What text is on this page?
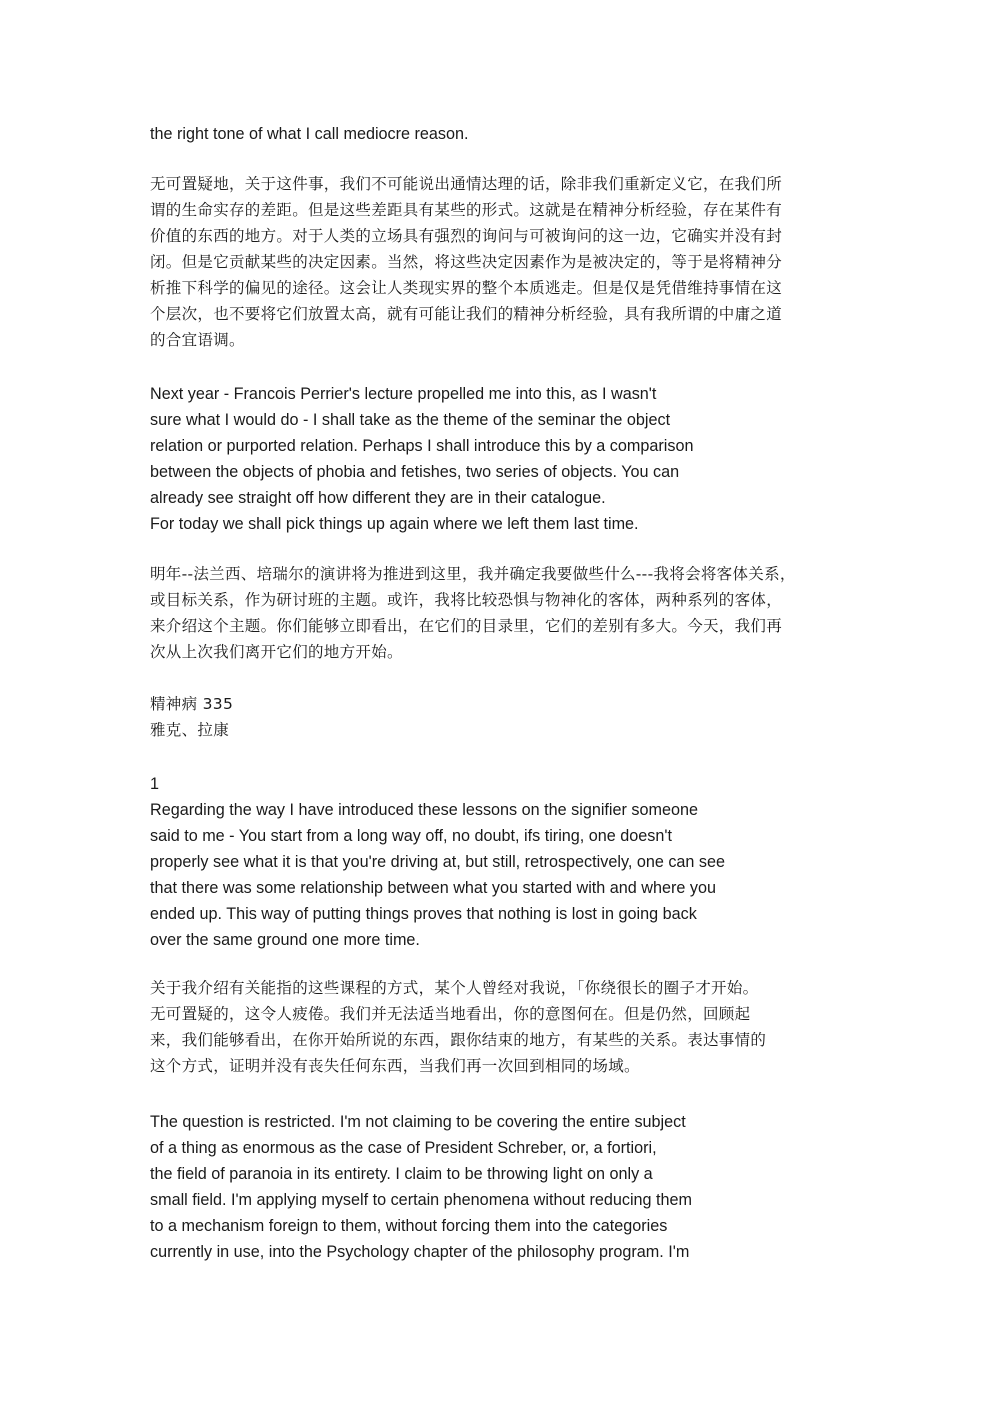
the right tone of what I call mediocre reason.
无可置疑地，关于这件事，我们不可能说出通情达理的话，除非我们重新定义它，在我们所
谓的生命实存的差距。但是这些差距具有某些的形式。这就是在精神分析经验，存在某件有
价值的东西的地方。对于人类的立场具有强烈的询问与可被询问的这一边，它确实并没有封
闭。但是它贡献某些的决定因素。当然，将这些决定因素作为是被决定的，等于是将精神分
析推下科学的偏见的途径。这会让人类现实界的整个本质逃走。但是仅是凭借维持事情在这
个层次，也不要将它们放置太高，就有可能让我们的精神分析经验，具有我所谓的中庸之道
的合宜语调。
Next year - Francois Perrier's lecture propelled me into this, as I wasn't
sure what I would do - I shall take as the theme of the seminar the object
relation or purported relation. Perhaps I shall introduce this by a comparison
between the objects of phobia and fetishes, two series of objects. You can
already see straight off how different they are in their catalogue.
For today we shall pick things up again where we left them last time.
明年--法兰西、培瑞尔的演讲将为推进到这里，我并确定我要做些什么---我将会将客体关系，
或目标关系，作为研讨班的主题。或许，我将比较恐惧与物神化的客体，两种系列的客体，
来介绍这个主题。你们能够立即看出，在它们的目录里，它们的差别有多大。今天，我们再
次从上次我们离开它们的地方开始。
精神病 335
雅克、拉康
1
Regarding the way I have introduced these lessons on the signifier someone
said to me - You start from a long way off, no doubt, ifs tiring, one doesn't
properly see what it is that you're driving at, but still, retrospectively, one can see
that there was some relationship between what you started with and where you
ended up. This way of putting things proves that nothing is lost in going back
over the same ground one more time.
关于我介绍有关能指的这些课程的方式，某个人曾经对我说，「你绕很长的圈子才开始。
无可置疑的，这令人疲倦。我们并无法适当地看出，你的意图何在。但是仍然，回顾起
来，我们能够看出，在你开始所说的东西，跟你结束的地方，有某些的关系。表达事情的
这个方式，证明并没有丧失任何东西，当我们再一次回到相同的场域。
The question is restricted. I'm not claiming to be covering the entire subject
of a thing as enormous as the case of President Schreber, or, a fortiori,
the field of paranoia in its entirety. I claim to be throwing light on only a
small field. I'm applying myself to certain phenomena without reducing them
to a mechanism foreign to them, without forcing them into the categories
currently in use, into the Psychology chapter of the philosophy program. I'm
